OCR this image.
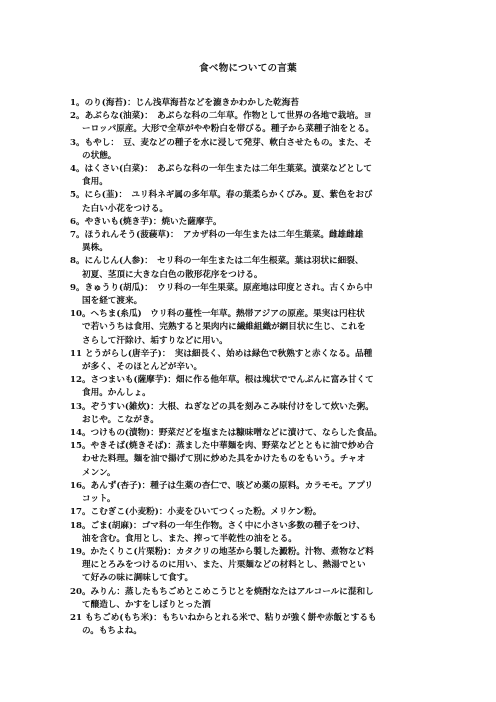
食べ物についての言葉
1。のり(海苔)：じん浅草海苔などを漉きかわかした乾海苔
2。あぶらな(油菜)：　あぶらな科の二年草。作物として世界の各地で栽培。ヨ
ーロッパ原産。大形で全草がやや粉白を帯びる。種子から菜種子油をとる。
3。もやし：　豆、麦などの種子を水に浸して発芽、軟白させたもの。また、そ
の状態。
4。はくさい(白菜)：　あぶらな科の一年生または二年生葉菜。漬菜などとして
食用。
5。にら(韮)：　ユリ科ネギ属の多年草。春の葉柔らかくびみ。夏、紫色をおび
た白い小花をつける。
6。やきいも(焼き芋)：焼いた薩摩芋。
7。ほうれんそう(菠薐草)：　アカザ科の一年生または二年生葉菜。雌雄雌雄
異株。
8。にんじん(人参)：　セリ科の一年生または二年生根菜。葉は羽状に細裂、
初夏、茎頂に大きな白色の散形花序をつける。
9。きゅうり(胡瓜)：　ウリ科の一年生果菜。原産地は印度とされ。古くから中
国を経て渡来。
10。へちま(糸瓜)　ウリ科の蔓性一年草。熱帯アジアの原産。果実は円柱状
で若いうちは食用、完熟すると果肉内に繊維組織が網目状に生じ、これを
さらして汗除け、垢すりなどに用い。
11 とうがらし(唐辛子)：　実は細長く、始めは緑色で秋熟すと赤くなる。品種
が多く、そのほとんどが辛い。
12。さつまいも(薩摩芋)：畑に作る他年草。根は塊状ででんぷんに富み甘くて
食用。かんしょ。
13。ぞうすい(雑炊)：大根、ねぎなどの具を刻みこみ味付けをして炊いた粥。
おじや。こながき。
14。つけもの(漬物)：野菜だどを塩または糠味噌などに漬けて、ならした食品。
15。やきそば(焼きそば)：蒸ました中華麺を肉、野菜などとともに油で炒め合
わせた料理。麺を油で揚げて別に炒めた具をかけたものをもいう。チャオ
メンン。
16。あんず(杏子)：種子は生薬の杏仁で、咳どめ薬の原料。カラモモ。アプリ
コット。
17。こむぎこ(小麦粉)：小麦をひいてつくった粉。メリケン粉。
18。ごま(胡麻)：ゴマ科の一年生作物。さく中に小さい多数の種子をつけ、
油を含む。食用とし、また、搾って半乾性の油をとる。
19。かたくりこ(片栗粉)：カタクリの地茎から製した澱粉。汁物、煮物など料
理にとろみをつけるのに用い、また、片栗麺などの材料とし、熱湯でとい
て好みの味に調味して食す。
20。みりん：蒸したもちごめとこめこうじとを焼酎なたはアルコールに混和し
て醸造し、かすをしぼりとった酒
21 もちごめ(もち米)：もちいねからとれる米で、粘りが強く餅や赤飯とするも
の。もちよね。
